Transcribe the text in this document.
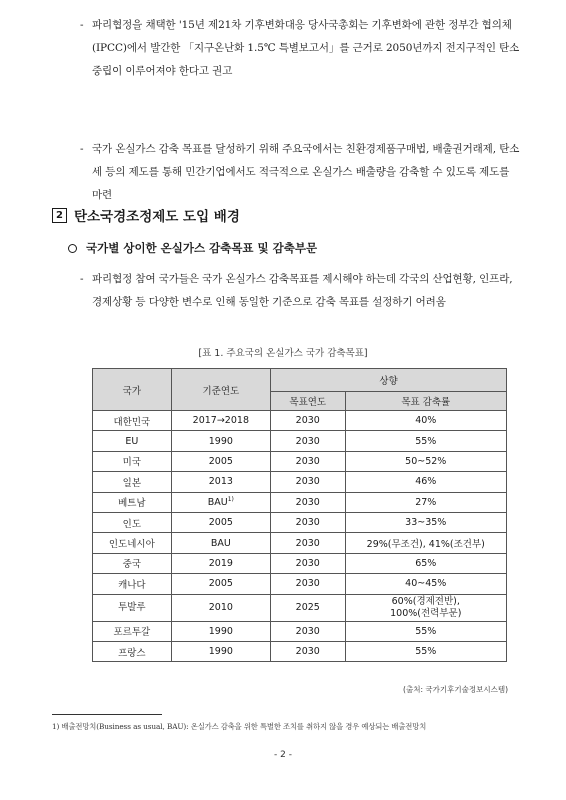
- 파리협정을 채택한 '15년 제21차 기후변화대응 당사국총회는 기후변화에 관한 정부간 협의체(IPCC)에서 발간한 「지구온난화 1.5℃ 특별보고서」를 근거로 2050년까지 전지구적인 탄소중립이 이루어져야 한다고 권고
- 국가 온실가스 감축 목표를 달성하기 위해 주요국에서는 친환경제품구매법, 배출권거래제, 탄소세 등의 제도를 통해 민간기업에서도 적극적으로 온실가스 배출량을 감축할 수 있도록 제도를 마련
2 탄소국경조정제도 도입 배경
국가별 상이한 온실가스 감축목표 및 감축부문
- 파리협정 참여 국가들은 국가 온실가스 감축목표를 제시해야 하는데 각국의 산업현황, 인프라, 경제상황 등 다양한 변수로 인해 동일한 기준으로 감축 목표를 설정하기 어려움
[표 1. 주요국의 온실가스 국가 감축목표]
국가	기준연도	상향	
		목표연도	목표 감축률
대한민국	2017→2018	2030	40%
EU	1990	2030	55%
미국	2005	2030	50~52%
일본	2013	2030	46%
베트남	BAU$^{1)}$	2030	27%
인도	2005	2030	33~35%
인도네시아	BAU	2030	29%(무조건), 41%(조건부)
중국	2019	2030	65%
캐나다	2005	2030	40~45%
투발루	2010	2025	60%(경제전반),
100%(전력부문)
포르투갈	1990	2030	55%
프랑스	1990	2030	55%
(출처: 국가기후기술정보시스템)
1) 배출전망치(Business as usual, BAU): 온실가스 감축을 위한 특별한 조치를 취하지 않을 경우 예상되는 배출전망치
- 2 -
